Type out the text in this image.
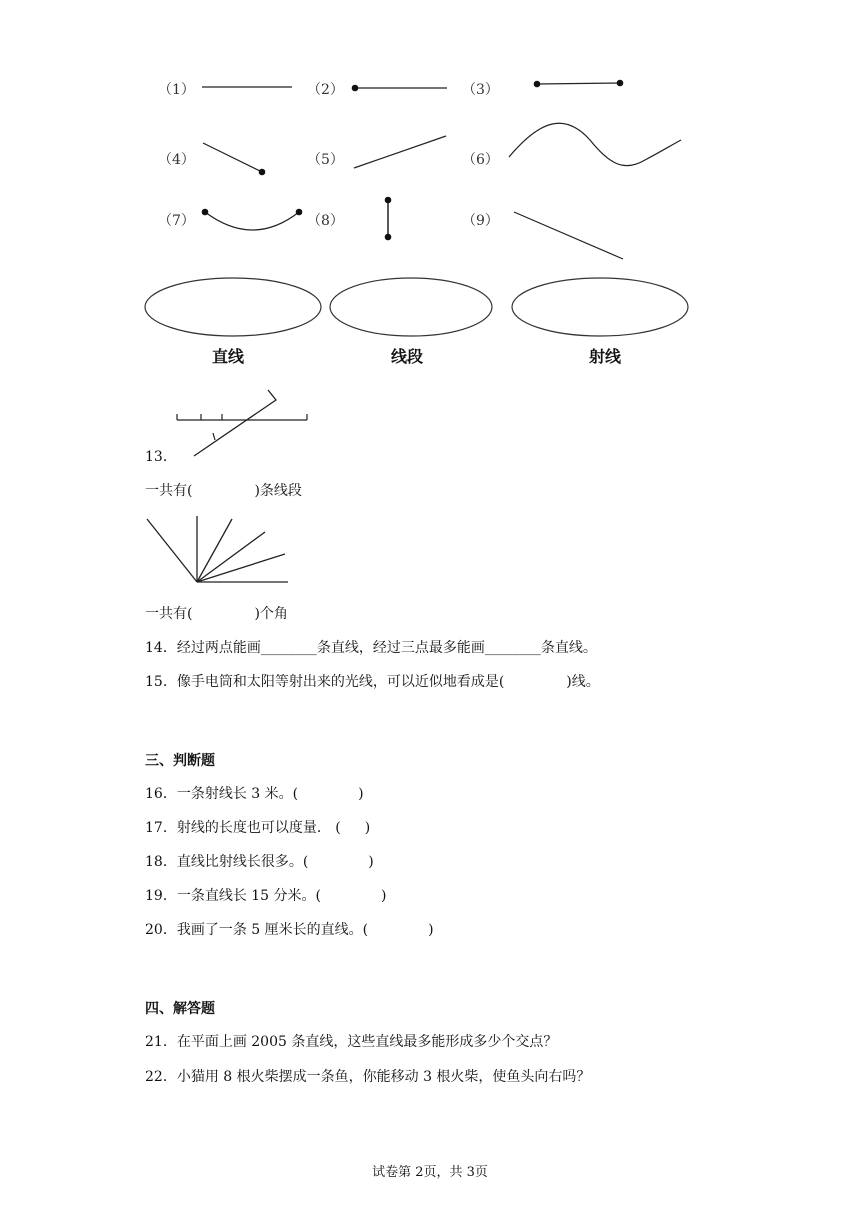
（1）	（2）	（3）
（4）	（5）	（6）
（7）	（8）	（9）
直线	线段	射线
13．
一共有(	)条线段
一共有(	)个角
14．经过两点能画________条直线，经过三点最多能画________条直线。
15．像手电筒和太阳等射出来的光线，可以近似地看成是(	)线。
三、判断题
16．一条射线长 3 米。(	)
17．射线的长度也可以度量． ( )
18．直线比射线长很多。(	)
19．一条直线长 15 分米。(	)
20．我画了一条 5 厘米长的直线。(	)
四、解答题
21．在平面上画 2005 条直线，这些直线最多能形成多少个交点？
22．小猫用 8 根火柴摆成一条鱼，你能移动 3 根火柴，使鱼头向右吗？
试卷第 2页，共 3页
